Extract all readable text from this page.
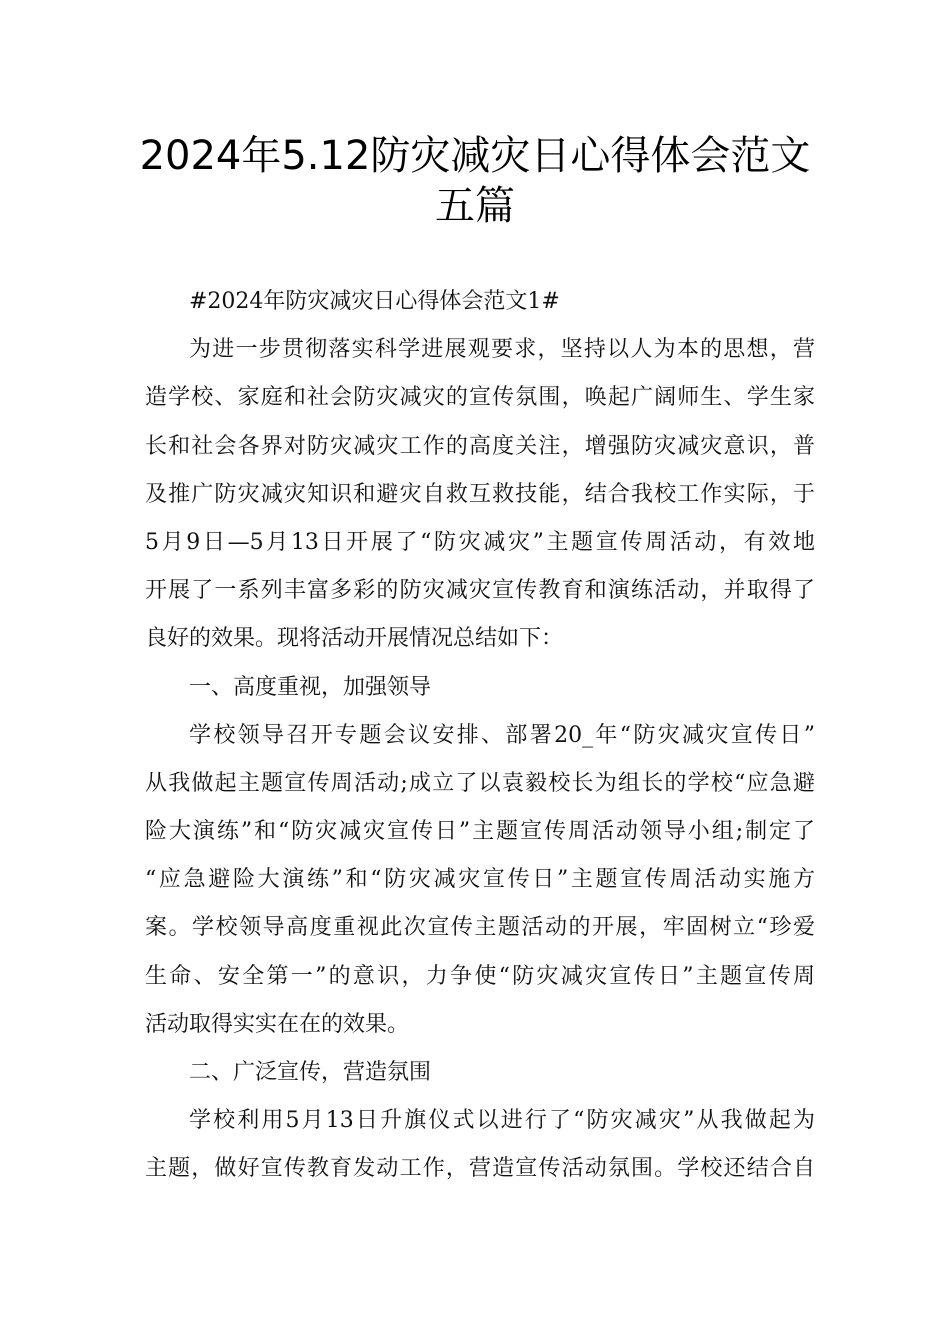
2024年5.12防灾减灾日心得体会范文
五篇
#2024年防灾减灾日心得体会范文1#
为进一步贯彻落实科学进展观要求，坚持以人为本的思想，营
造学校、家庭和社会防灾减灾的宣传氛围，唤起广阔师生、学生家
长和社会各界对防灾减灾工作的高度关注，增强防灾减灾意识，普
及推广防灾减灾知识和避灾自救互救技能，结合我校工作实际，于
5月9日—5月13日开展了“防灾减灾”主题宣传周活动，有效地
开展了一系列丰富多彩的防灾减灾宣传教育和演练活动，并取得了
良好的效果。现将活动开展情况总结如下：
一、高度重视，加强领导
学校领导召开专题会议安排、部署20_年“防灾减灾宣传日”
从我做起主题宣传周活动;成立了以袁毅校长为组长的学校“应急避
险大演练”和“防灾减灾宣传日”主题宣传周活动领导小组;制定了
“应急避险大演练”和“防灾减灾宣传日”主题宣传周活动实施方
案。学校领导高度重视此次宣传主题活动的开展，牢固树立“珍爱
生命、安全第一”的意识，力争使“防灾减灾宣传日”主题宣传周
活动取得实实在在的效果。
二、广泛宣传，营造氛围
学校利用5月13日升旗仪式以进行了“防灾减灾”从我做起为
主题，做好宣传教育发动工作，营造宣传活动氛围。学校还结合自
